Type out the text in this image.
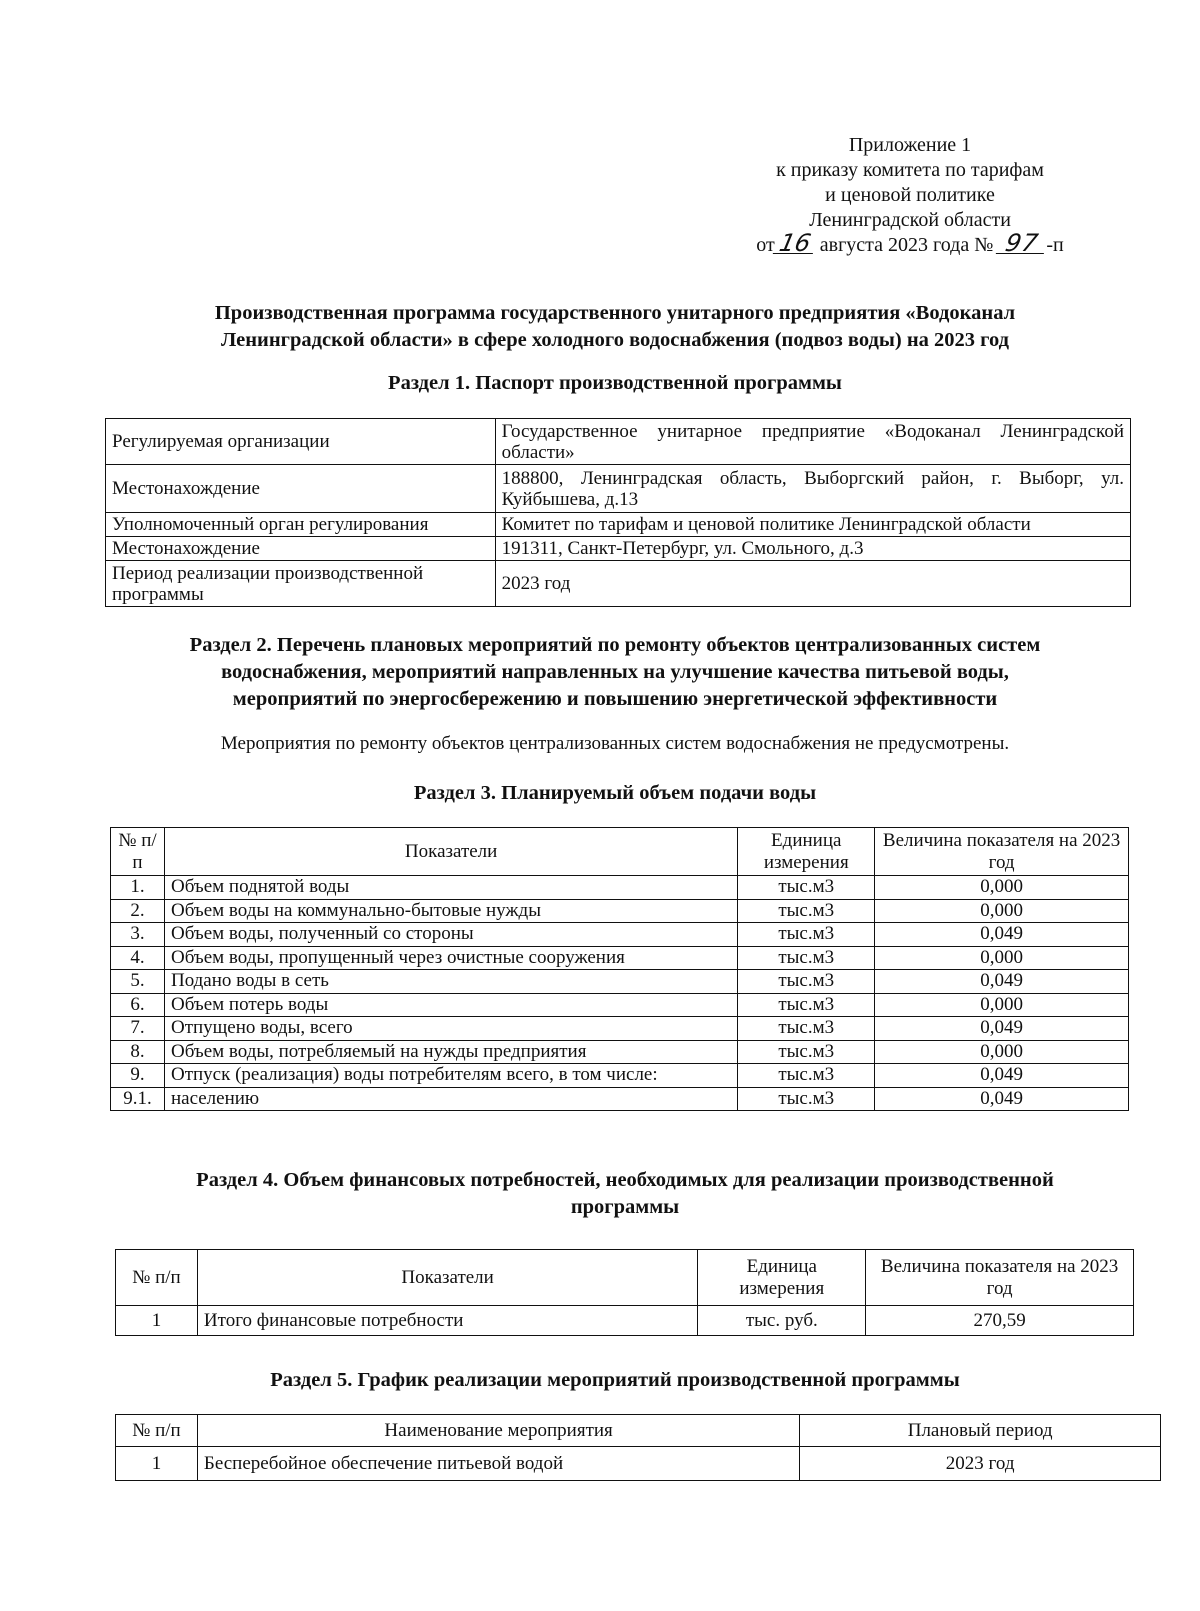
Приложение 1
к приказу комитета по тарифам
и ценовой политике
Ленинградской области
от16 августа 2023 года № 97 -п
Производственная программа государственного унитарного предприятия «Водоканал
Ленинградской области» в сфере холодного водоснабжения (подвоз воды) на 2023 год
Раздел 1. Паспорт производственной программы
Регулируемая организации	Государственное унитарное предприятие «Водоканал Ленинградской области»
Местонахождение	188800, Ленинградская область, Выборгский район, г. Выборг, ул. Куйбышева, д.13
Уполномоченный орган регулирования	Комитет по тарифам и ценовой политике Ленинградской области
Местонахождение	191311, Санкт-Петербург, ул. Смольного, д.3
Период реализации производственной программы	2023 год
Раздел 2. Перечень плановых мероприятий по ремонту объектов централизованных систем
водоснабжения, мероприятий направленных на улучшение качества питьевой воды,
мероприятий по энергосбережению и повышению энергетической эффективности
Мероприятия по ремонту объектов централизованных систем водоснабжения не предусмотрены.
Раздел 3. Планируемый объем подачи воды
№ п/п	Показатели	Единица измерения	Величина показателя на 2023 год
1.	Объем поднятой воды	тыс.м3	0,000
2.	Объем воды на коммунально-бытовые нужды	тыс.м3	0,000
3.	Объем воды, полученный со стороны	тыс.м3	0,049
4.	Объем воды, пропущенный через очистные сооружения	тыс.м3	0,000
5.	Подано воды в сеть	тыс.м3	0,049
6.	Объем потерь воды	тыс.м3	0,000
7.	Отпущено воды, всего	тыс.м3	0,049
8.	Объем воды, потребляемый на нужды предприятия	тыс.м3	0,000
9.	Отпуск (реализация) воды потребителям всего, в том числе:	тыс.м3	0,049
9.1.	населению	тыс.м3	0,049
Раздел 4. Объем финансовых потребностей, необходимых для реализации производственной
программы
№ п/п	Показатели	Единица измерения	Величина показателя на 2023 год
1	Итого финансовые потребности	тыс. руб.	270,59
Раздел 5. График реализации мероприятий производственной программы
№ п/п	Наименование мероприятия	Плановый период
1	Бесперебойное обеспечение питьевой водой	2023 год
